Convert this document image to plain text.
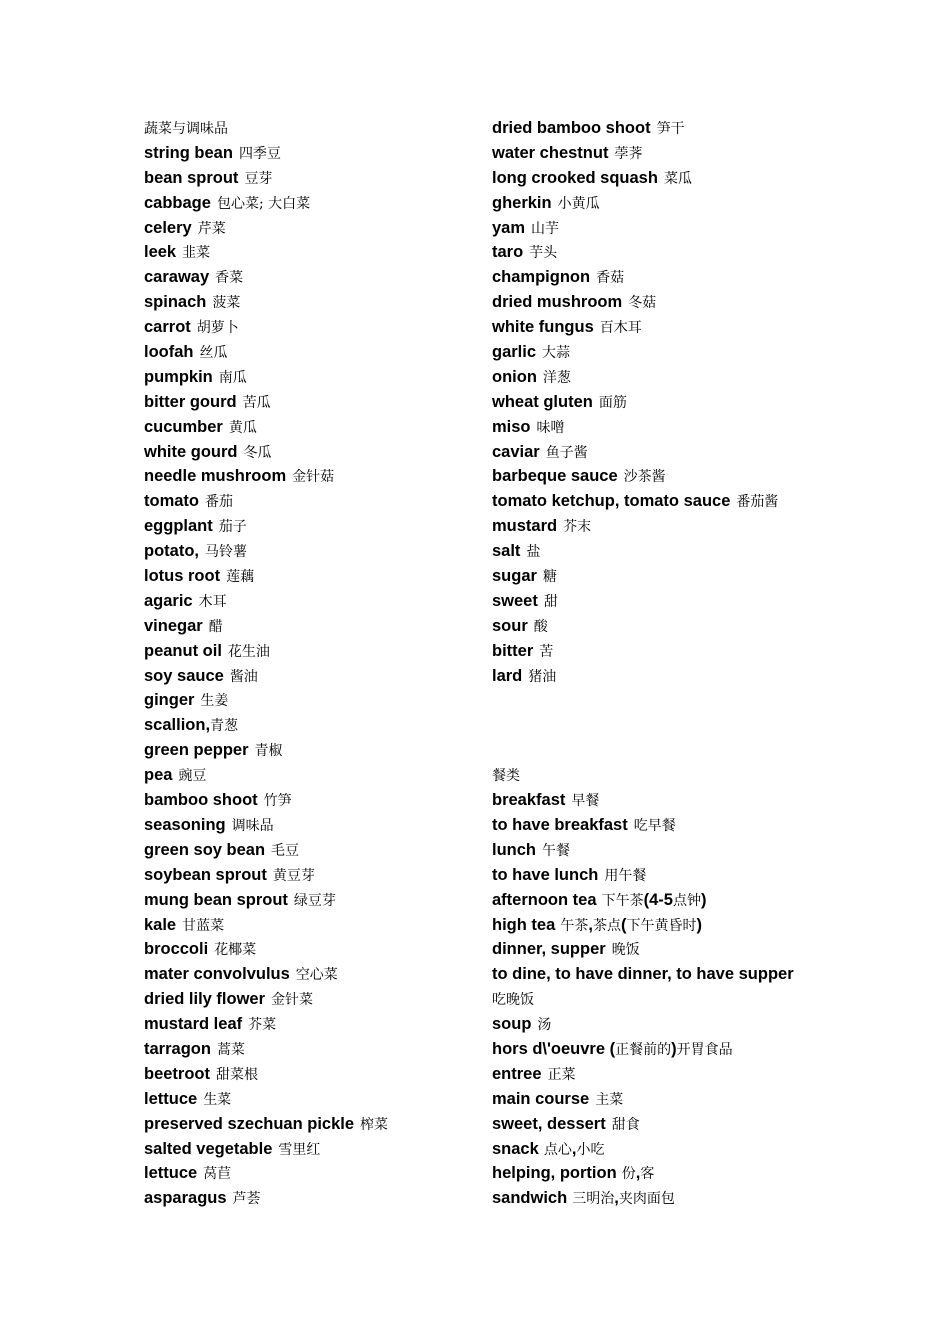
蔬菜与调味品
string bean 四季豆
bean sprout 豆芽
cabbage 包心菜; 大白菜
celery 芹菜
leek 韭菜
caraway 香菜
spinach 菠菜
carrot 胡萝卜
loofah 丝瓜
pumpkin 南瓜
bitter gourd 苦瓜
cucumber 黄瓜
white gourd 冬瓜
needle mushroom 金针菇
tomato 番茄
eggplant 茄子
potato, 马铃薯
lotus root 莲藕
agaric 木耳
vinegar 醋
peanut oil 花生油
soy sauce 酱油
ginger 生姜
scallion,青葱
green pepper 青椒
pea 豌豆
bamboo shoot 竹笋
seasoning 调味品
green soy bean 毛豆
soybean sprout 黄豆芽
mung bean sprout 绿豆芽
kale 甘蓝菜
broccoli 花椰菜
mater convolvulus 空心菜
dried lily flower 金针菜
mustard leaf 芥菜
tarragon 蒿菜
beetroot 甜菜根
lettuce 生菜
preserved szechuan pickle 榨菜
salted vegetable 雪里红
lettuce 莴苣
asparagus 芦荟
dried bamboo shoot 笋干
water chestnut 荸荠
long crooked squash 菜瓜
gherkin 小黄瓜
yam 山芋
taro 芋头
champignon 香菇
dried mushroom 冬菇
white fungus 百木耳
garlic 大蒜
onion 洋葱
wheat gluten 面筋
miso 味噌
caviar 鱼子酱
barbeque sauce 沙茶酱
tomato ketchup, tomato sauce 番茄酱
mustard 芥末
salt 盐
sugar 糖
sweet 甜
sour 酸
bitter 苦
lard 猪油
餐类
breakfast 早餐
to have breakfast 吃早餐
lunch 午餐
to have lunch 用午餐
afternoon tea 下午茶(4-5点钟)
high tea 午茶,茶点(下午黄昏时)
dinner, supper 晚饭
to dine, to have dinner, to have supper
吃晚饭
soup 汤
hors d\'oeuvre (正餐前的)开胃食品
entree 正菜
main course 主菜
sweet, dessert 甜食
snack 点心,小吃
helping, portion 份,客
sandwich 三明治,夹肉面包
